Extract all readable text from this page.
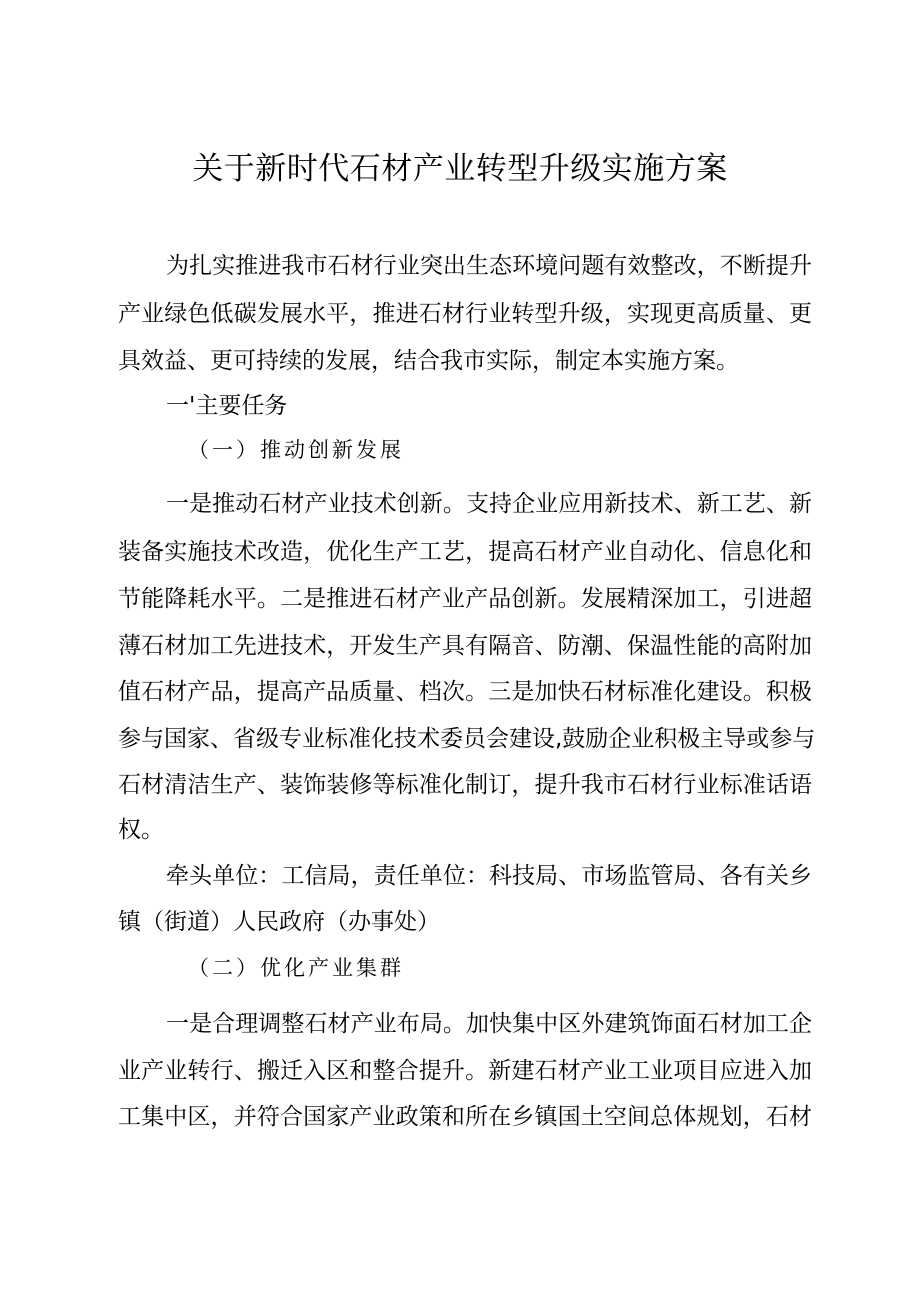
关于新时代石材产业转型升级实施方案
为扎实推进我市石材行业突出生态环境问题有效整改，不断提升
产业绿色低碳发展水平，推进石材行业转型升级，实现更高质量、更
具效益、更可持续的发展，结合我市实际，制定本实施方案。
一'主要任务
（一）推动创新发展
一是推动石材产业技术创新。支持企业应用新技术、新工艺、新
装备实施技术改造，优化生产工艺，提高石材产业自动化、信息化和
节能降耗水平。二是推进石材产业产品创新。发展精深加工，引进超
薄石材加工先进技术，开发生产具有隔音、防潮、保温性能的高附加
值石材产品，提高产品质量、档次。三是加快石材标准化建设。积极
参与国家、省级专业标准化技术委员会建设,鼓励企业积极主导或参与
石材清洁生产、装饰装修等标准化制订，提升我市石材行业标准话语
权。
牵头单位：工信局，责任单位：科技局、市场监管局、各有关乡
镇（街道）人民政府（办事处）
（二）优化产业集群
一是合理调整石材产业布局。加快集中区外建筑饰面石材加工企
业产业转行、搬迁入区和整合提升。新建石材产业工业项目应进入加
工集中区，并符合国家产业政策和所在乡镇国土空间总体规划，石材
